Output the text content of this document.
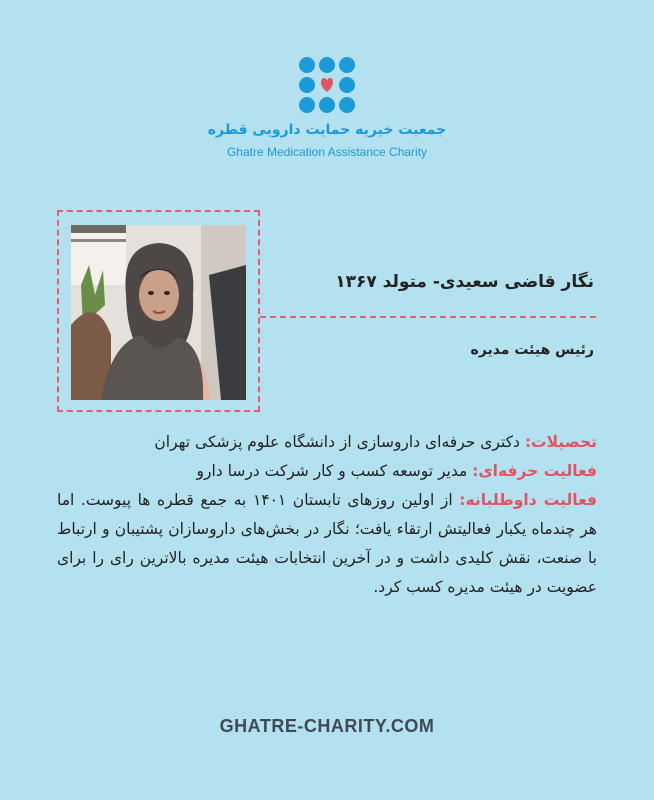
جمعیت خیریه حمایت دارویی قطره
Ghatre Medication Assistance Charity
نگار قاضی سعیدی- متولد ۱۳۶۷
رئیس هیئت مدیره

تحصیلات: دکتری حرفه‌ای داروسازی از دانشگاه علوم پزشکی تهران

فعالیت حرفه‌ای: مدیر توسعه کسب و کار شرکت درسا دارو

فعالیت داوطلبانه: از اولین روزهای تابستان ۱۴۰۱ به جمع قطره ها پیوست. اما هر چندماه یکبار فعالیتش ارتقاء یافت؛ نگار در بخش‌های داروسازان پشتیبان و ارتباط با صنعت، نقش کلیدی داشت و در آخرین انتخابات هیئت مدیره بالاترین رای را برای عضویت در هیئت مدیره کسب کرد.

GHATRE-CHARITY.COM
